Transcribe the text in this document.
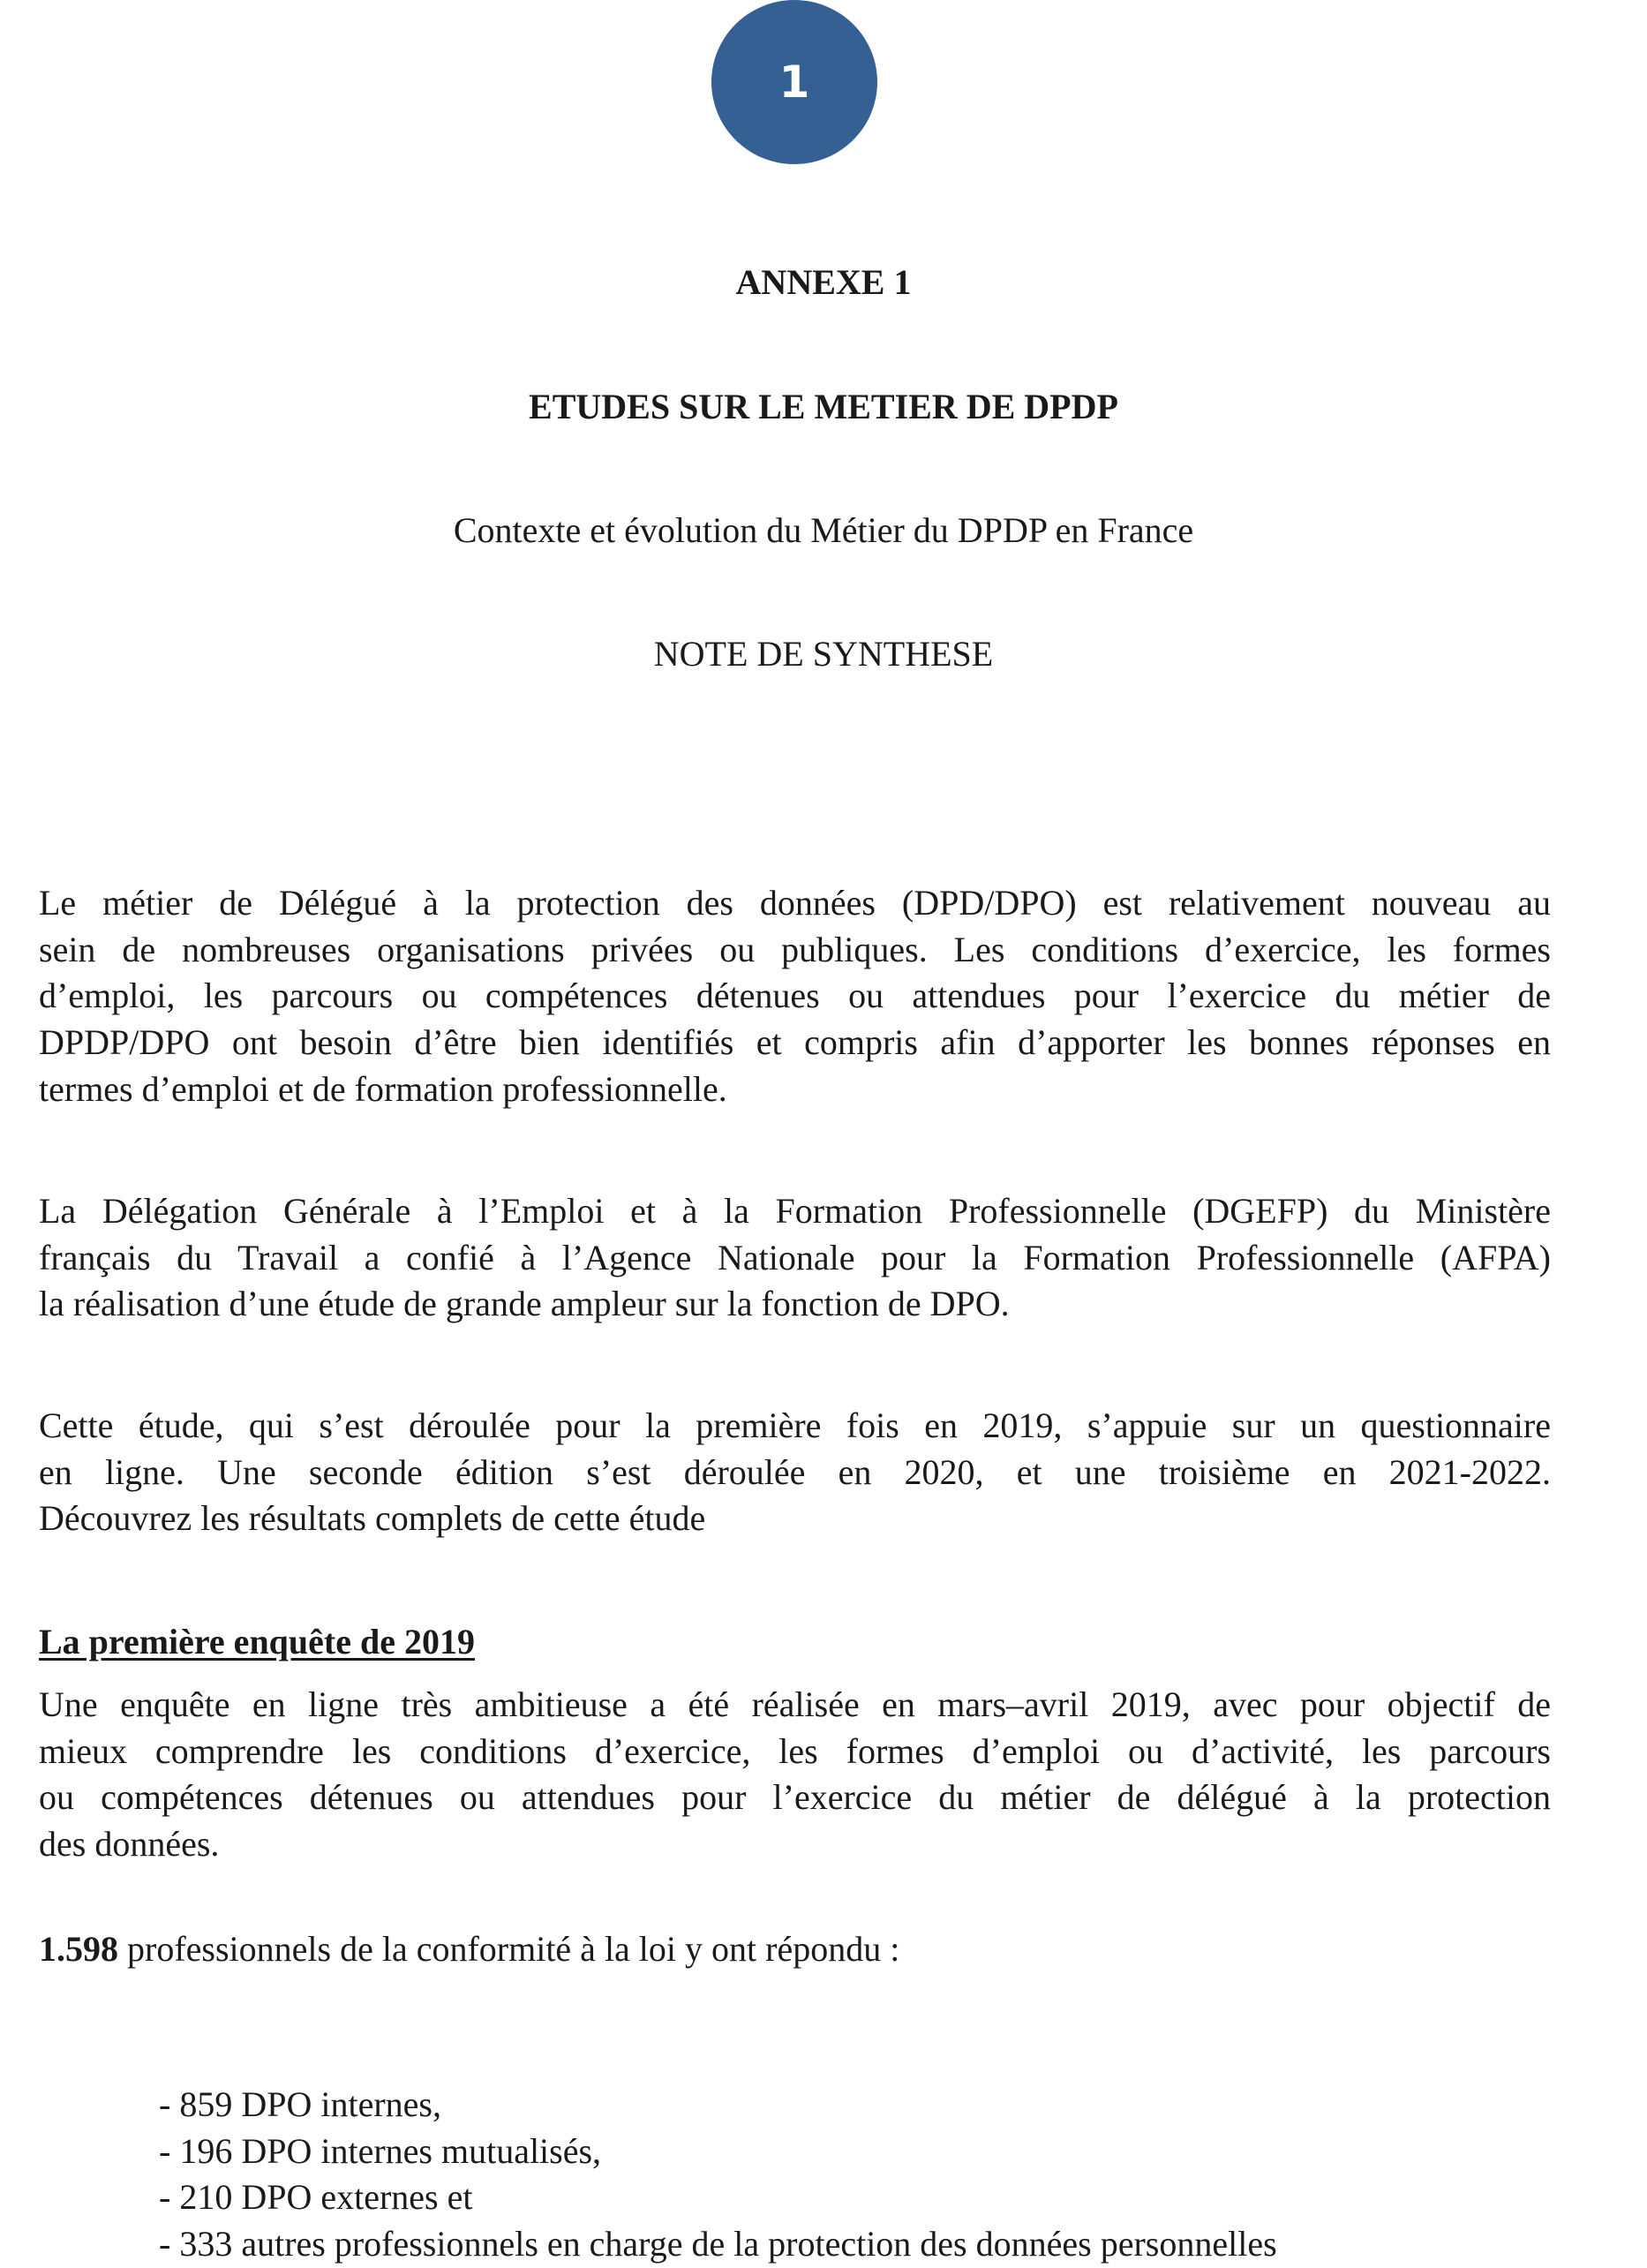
1
ANNEXE 1
ETUDES SUR LE METIER DE DPDP
Contexte et évolution du Métier du DPDP en France
NOTE DE SYNTHESE
Le métier de Délégué à la protection des données (DPD/DPO) est relativement nouveau au
sein de nombreuses organisations privées ou publiques. Les conditions d’exercice, les formes
d’emploi, les parcours ou compétences détenues ou attendues pour l’exercice du métier de
DPDP/DPO ont besoin d’être bien identifiés et compris afin d’apporter les bonnes réponses en
termes d’emploi et de formation professionnelle.
La Délégation Générale à l’Emploi et à la Formation Professionnelle (DGEFP) du Ministère
français du Travail a confié à l’Agence Nationale pour la Formation Professionnelle (AFPA)
la réalisation d’une étude de grande ampleur sur la fonction de DPO.
Cette étude, qui s’est déroulée pour la première fois en 2019, s’appuie sur un questionnaire
en ligne. Une seconde édition s’est déroulée en 2020, et une troisième en 2021-2022.
Découvrez les résultats complets de cette étude
La première enquête de 2019
Une enquête en ligne très ambitieuse a été réalisée en mars–avril 2019, avec pour objectif de
mieux comprendre les conditions d’exercice, les formes d’emploi ou d’activité, les parcours
ou compétences détenues ou attendues pour l’exercice du métier de délégué à la protection
des données.
1.598 professionnels de la conformité à la loi y ont répondu :
- 859 DPO internes,
- 196 DPO internes mutualisés,
- 210 DPO externes et
- 333 autres professionnels en charge de la protection des données personnelles
